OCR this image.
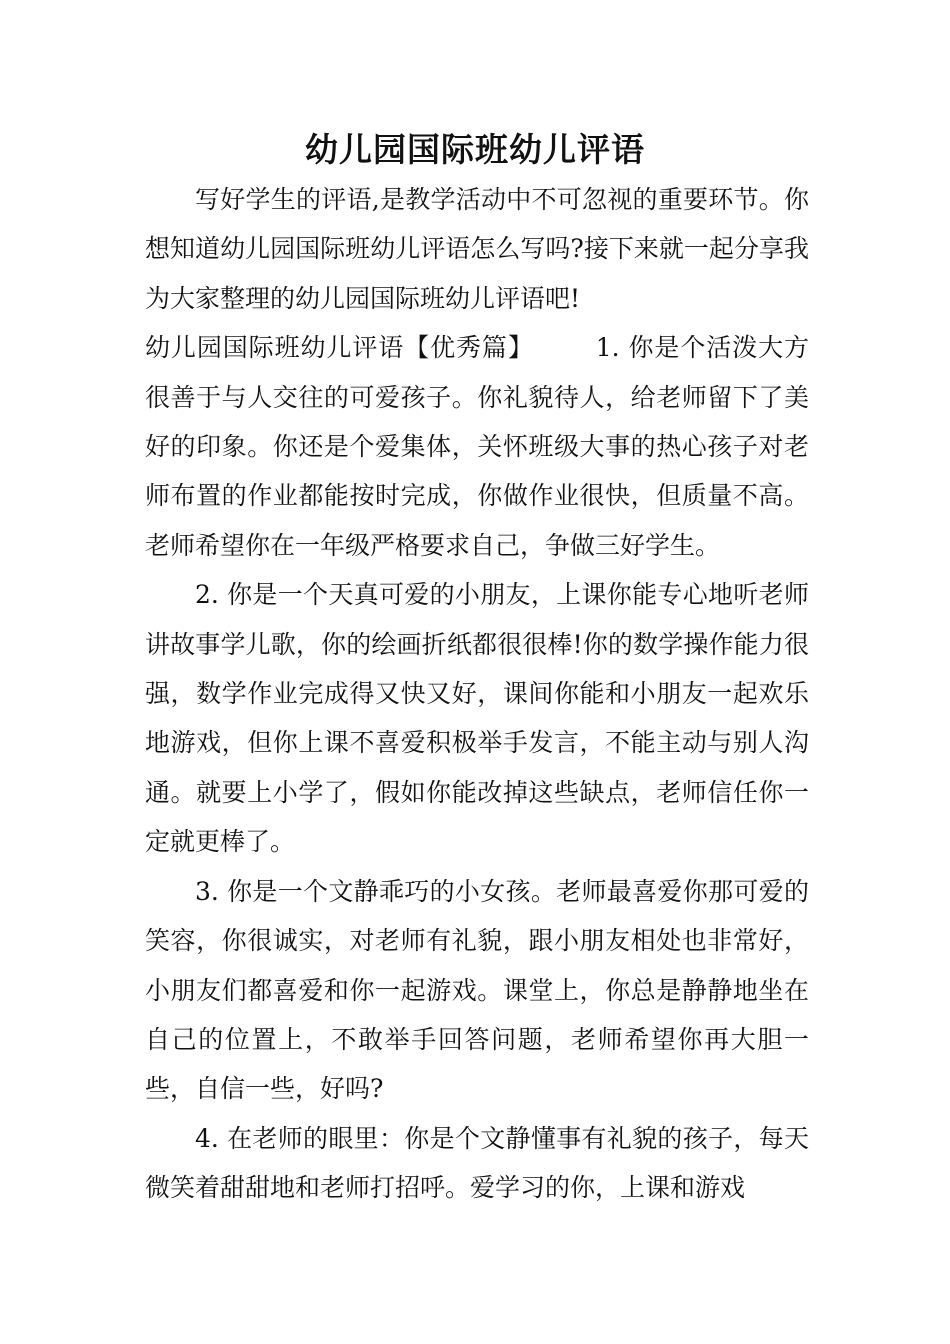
幼儿园国际班幼儿评语

写好学生的评语,是教学活动中不可忽视的重要环节。你想知道幼儿园国际班幼儿评语怎么写吗?接下来就一起分享我为大家整理的幼儿园国际班幼儿评语吧!

幼儿园国际班幼儿评语【优秀篇】 1. 你是个活泼大方很善于与人交往的可爱孩子。你礼貌待人，给老师留下了美好的印象。你还是个爱集体，关怀班级大事的热心孩子对老师布置的作业都能按时完成，你做作业很快，但质量不高。老师希望你在一年级严格要求自己，争做三好学生。

2. 你是一个天真可爱的小朋友，上课你能专心地听老师讲故事学儿歌，你的绘画折纸都很很棒!你的数学操作能力很强，数学作业完成得又快又好，课间你能和小朋友一起欢乐地游戏，但你上课不喜爱积极举手发言，不能主动与别人沟通。就要上小学了，假如你能改掉这些缺点，老师信任你一定就更棒了。

3. 你是一个文静乖巧的小女孩。老师最喜爱你那可爱的笑容，你很诚实，对老师有礼貌，跟小朋友相处也非常好，小朋友们都喜爱和你一起游戏。课堂上，你总是静静地坐在自己的位置上，不敢举手回答问题，老师希望你再大胆一些，自信一些，好吗?

4. 在老师的眼里：你是个文静懂事有礼貌的孩子，每天微笑着甜甜地和老师打招呼。爱学习的你，上课和游戏
